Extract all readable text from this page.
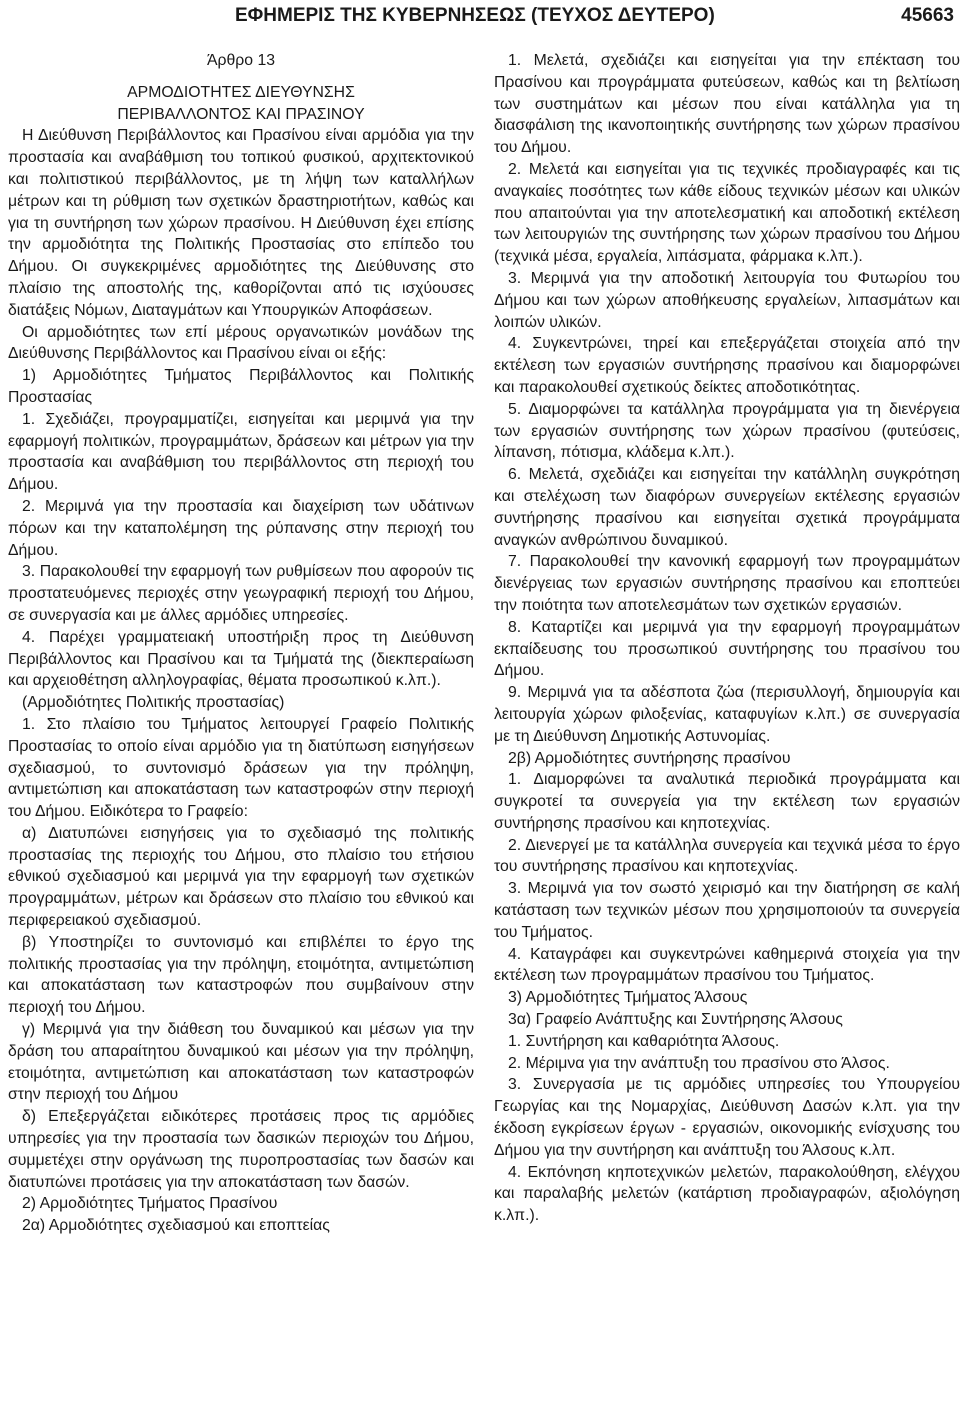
ΕΦΗΜΕΡΙΣ ΤΗΣ ΚΥΒΕΡΝΗΣΕΩΣ (ΤΕΥΧΟΣ ΔΕΥΤΕΡΟ)	45663

Άρθρο 13

ΑΡΜΟΔΙΟΤΗΤΕΣ ΔΙΕΥΘΥΝΣΗΣ

ΠΕΡΙΒΑΛΛΟΝΤΟΣ ΚΑΙ ΠΡΑΣΙΝΟΥ

Η Διεύθυνση Περιβάλλοντος και Πρασίνου είναι αρμόδια για την προστασία και αναβάθμιση του τοπικού φυσικού, αρχιτεκτονικού και πολιτιστικού περιβάλλοντος, με τη λήψη των καταλλήλων μέτρων και τη ρύθμιση των σχετικών δραστηριοτήτων, καθώς και για τη συντήρηση των χώρων πρασίνου. Η Διεύθυνση έχει επίσης την αρμοδιότητα της Πολιτικής Προστασίας στο επίπεδο του Δήμου. Οι συγκεκριμένες αρμοδιότητες της Διεύθυνσης στο πλαίσιο της αποστολής της, καθορίζονται από τις ισχύουσες διατάξεις Νόμων, Διαταγμάτων και Υπουργικών Αποφάσεων.

Οι αρμοδιότητες των επί μέρους οργανωτικών μονάδων της Διεύθυνσης Περιβάλλοντος και Πρασίνου είναι οι εξής:

1) Αρμοδιότητες Τμήματος Περιβάλλοντος και Πολιτικής Προστασίας

1. Σχεδιάζει, προγραμματίζει, εισηγείται και μεριμνά για την εφαρμογή πολιτικών, προγραμμάτων, δράσεων και μέτρων για την προστασία και αναβάθμιση του περιβάλλοντος στη περιοχή του Δήμου.

2. Μεριμνά για την προστασία και διαχείριση των υδάτινων πόρων και την καταπολέμηση της ρύπανσης στην περιοχή του Δήμου.

3. Παρακολουθεί την εφαρμογή των ρυθμίσεων που αφορούν τις προστατευόμενες περιοχές στην γεωγραφική περιοχή του Δήμου, σε συνεργασία και με άλλες αρμόδιες υπηρεσίες.

4. Παρέχει γραμματειακή υποστήριξη προς τη Διεύθυνση Περιβάλλοντος και Πρασίνου και τα Τμήματά της (διεκπεραίωση και αρχειοθέτηση αλληλογραφίας, θέματα προσωπικού κ.λπ.).

(Αρμοδιότητες Πολιτικής προστασίας)

1. Στο πλαίσιο του Τμήματος λειτουργεί Γραφείο Πολιτικής Προστασίας το οποίο είναι αρμόδιο για τη διατύπωση εισηγήσεων σχεδιασμού, το συντονισμό δράσεων για την πρόληψη, αντιμετώπιση και αποκατάσταση των καταστροφών στην περιοχή του Δήμου. Ειδικότερα το Γραφείο:

α) Διατυπώνει εισηγήσεις για το σχεδιασμό της πολιτικής προστασίας της περιοχής του Δήμου, στο πλαίσιο του ετήσιου εθνικού σχεδιασμού και μεριμνά για την εφαρμογή των σχετικών προγραμμάτων, μέτρων και δράσεων στο πλαίσιο του εθνικού και περιφερειακού σχεδιασμού.

β) Υποστηρίζει το συντονισμό και επιβλέπει το έργο της πολιτικής προστασίας για την πρόληψη, ετοιμότητα, αντιμετώπιση και αποκατάσταση των καταστροφών που συμβαίνουν στην περιοχή του Δήμου.

γ) Μεριμνά για την διάθεση του δυναμικού και μέσων για την δράση του απαραίτητου δυναμικού και μέσων για την πρόληψη, ετοιμότητα, αντιμετώπιση και αποκατάσταση των καταστροφών στην περιοχή του Δήμου

δ) Επεξεργάζεται ειδικότερες προτάσεις προς τις αρμόδιες υπηρεσίες για την προστασία των δασικών περιοχών του Δήμου, συμμετέχει στην οργάνωση της πυροπροστασίας των δασών και διατυπώνει προτάσεις για την αποκατάσταση των δασών.

2) Αρμοδιότητες Τμήματος Πρασίνου

2α) Αρμοδιότητες σχεδιασμού και εποπτείας

1. Μελετά, σχεδιάζει και εισηγείται για την επέκταση του Πρασίνου και προγράμματα φυτεύσεων, καθώς και τη βελτίωση των συστημάτων και μέσων που είναι κατάλληλα για τη διασφάλιση της ικανοποιητικής συντήρησης των χώρων πρασίνου του Δήμου.

2. Μελετά και εισηγείται για τις τεχνικές προδιαγραφές και τις αναγκαίες ποσότητες των κάθε είδους τεχνικών μέσων και υλικών που απαιτούνται για την αποτελεσματική και αποδοτική εκτέλεση των λειτουργιών της συντήρησης των χώρων πρασίνου του Δήμου (τεχνικά μέσα, εργαλεία, λιπάσματα, φάρμακα κ.λπ.).

3. Μεριμνά για την αποδοτική λειτουργία του Φυτωρίου του Δήμου και των χώρων αποθήκευσης εργαλείων, λιπασμάτων και λοιπών υλικών.

4. Συγκεντρώνει, τηρεί και επεξεργάζεται στοιχεία από την εκτέλεση των εργασιών συντήρησης πρασίνου και διαμορφώνει και παρακολουθεί σχετικούς δείκτες αποδοτικότητας.

5. Διαμορφώνει τα κατάλληλα προγράμματα για τη διενέργεια των εργασιών συντήρησης των χώρων πρασίνου (φυτεύσεις, λίπανση, πότισμα, κλάδεμα κ.λπ.).

6. Μελετά, σχεδιάζει και εισηγείται την κατάλληλη συγκρότηση και στελέχωση των διαφόρων συνεργείων εκτέλεσης εργασιών συντήρησης πρασίνου και εισηγείται σχετικά προγράμματα αναγκών ανθρώπινου δυναμικού.

7. Παρακολουθεί την κανονική εφαρμογή των προγραμμάτων διενέργειας των εργασιών συντήρησης πρασίνου και εποπτεύει την ποιότητα των αποτελεσμάτων των σχετικών εργασιών.

8. Καταρτίζει και μεριμνά για την εφαρμογή προγραμμάτων εκπαίδευσης του προσωπικού συντήρησης του πρασίνου του Δήμου.

9. Μεριμνά για τα αδέσποτα ζώα (περισυλλογή, δημιουργία και λειτουργία χώρων φιλοξενίας, καταφυγίων κ.λπ.) σε συνεργασία με τη Διεύθυνση Δημοτικής Αστυνομίας.

2β) Αρμοδιότητες συντήρησης πρασίνου

1. Διαμορφώνει τα αναλυτικά περιοδικά προγράμματα και συγκροτεί τα συνεργεία για την εκτέλεση των εργασιών συντήρησης πρασίνου και κηποτεχνίας.

2. Διενεργεί με τα κατάλληλα συνεργεία και τεχνικά μέσα το έργο του συντήρησης πρασίνου και κηποτεχνίας.

3. Μεριμνά για τον σωστό χειρισμό και την διατήρηση σε καλή κατάσταση των τεχνικών μέσων που χρησιμοποιούν τα συνεργεία του Τμήματος.

4. Καταγράφει και συγκεντρώνει καθημερινά στοιχεία για την εκτέλεση των προγραμμάτων πρασίνου του Τμήματος.

3) Αρμοδιότητες Τμήματος Άλσους

3α) Γραφείο Ανάπτυξης και Συντήρησης Άλσους

1. Συντήρηση και καθαριότητα Άλσους.

2. Μέριμνα για την ανάπτυξη του πρασίνου στο Άλσος.

3. Συνεργασία με τις αρμόδιες υπηρεσίες του Υπουργείου Γεωργίας και της Νομαρχίας, Διεύθυνση Δασών κ.λπ. για την έκδοση εγκρίσεων έργων - εργασιών, οικονομικής ενίσχυσης του Δήμου για την συντήρηση και ανάπτυξη του Άλσους κ.λπ.

4. Εκπόνηση κηποτεχνικών μελετών, παρακολούθηση, ελέγχου και παραλαβής μελετών (κατάρτιση προδιαγραφών, αξιολόγηση κ.λπ.).
